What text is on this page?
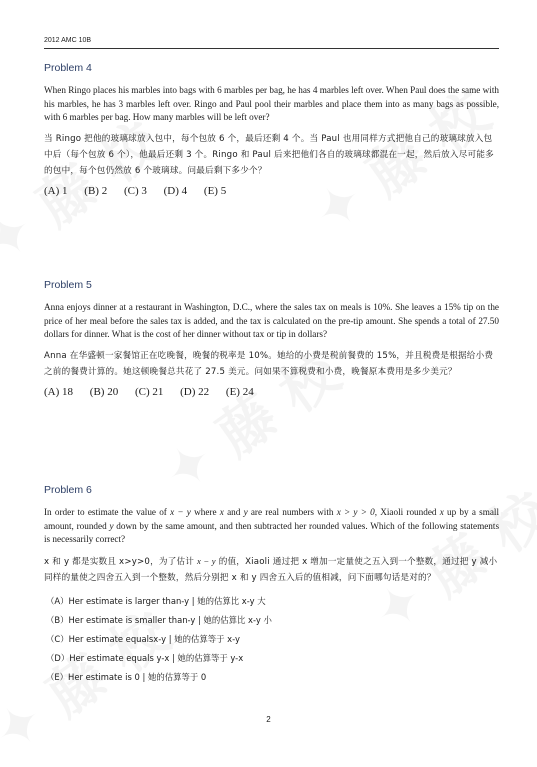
2012 AMC 10B

Problem 4

When Ringo places his marbles into bags with 6 marbles per bag, he has 4 marbles left over. When Paul does the same with his marbles, he has 3 marbles left over. Ringo and Paul pool their marbles and place them into as many bags as possible, with 6 marbles per bag. How many marbles will be left over?

当 Ringo 把他的玻璃球放入包中，每个包放 6 个，最后还剩 4 个。当 Paul 也用同样方式把他自己的玻璃球放入包中后（每个包放 6 个），他最后还剩 3 个。Ringo 和 Paul 后来把他们各自的玻璃球都混在一起，然后放入尽可能多的包中，每个包仍然放 6 个玻璃球。问最后剩下多少个？

(A) 1 (B) 2 (C) 3 (D) 4 (E) 5

Problem 5

Anna enjoys dinner at a restaurant in Washington, D.C., where the sales tax on meals is 10%. She leaves a 15% tip on the price of her meal before the sales tax is added, and the tax is calculated on the pre-tip amount. She spends a total of 27.50 dollars for dinner. What is the cost of her dinner without tax or tip in dollars?

Anna 在华盛顿一家餐馆正在吃晚餐，晚餐的税率是 10%。她给的小费是税前餐费的 15%，并且税费是根据给小费之前的餐费计算的。她这顿晚餐总共花了 27.5 美元。问如果不算税费和小费，晚餐原本费用是多少美元？

(A) 18 (B) 20 (C) 21 (D) 22 (E) 24

Problem 6

In order to estimate the value of x − y where x and y are real numbers with x > y > 0, Xiaoli rounded x up by a small amount, rounded y down by the same amount, and then subtracted her rounded values. Which of the following statements is necessarily correct?

x 和 y 都是实数且 x>y>0，为了估计 x − y 的值，Xiaoli 通过把 x 增加一定量使之五入到一个整数，通过把 y 减小同样的量使之四舍五入到一个整数，然后分别把 x 和 y 四舍五入后的值相减，问下面哪句话是对的？

（A）Her estimate is larger than-y | 她的估算比 x-y 大

（B）Her estimate is smaller than-y | 她的估算比 x-y 小

（C）Her estimate equalsx-y | 她的估算等于 x-y

（D）Her estimate equals y-x | 她的估算等于 y-x

（E）Her estimate is 0 | 她的估算等于 0

2
